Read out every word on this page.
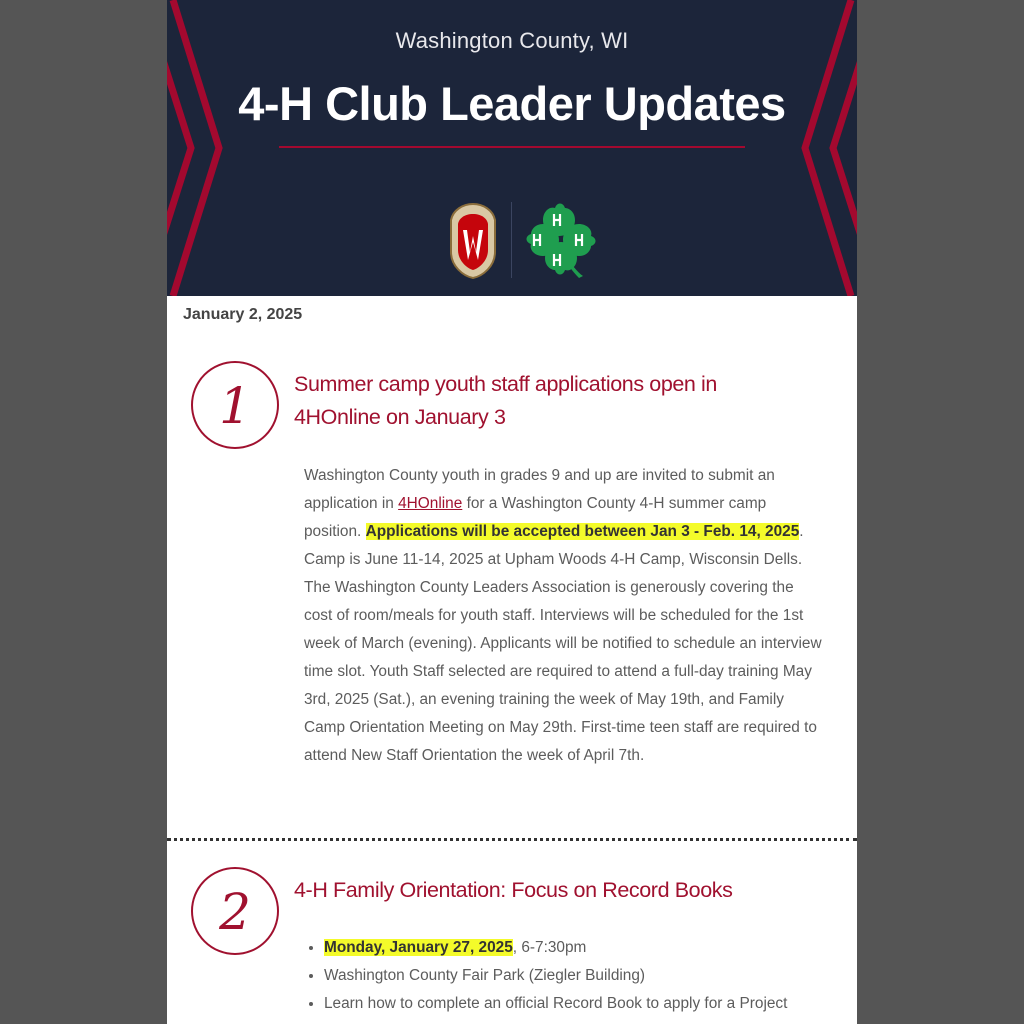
Washington County, WI
4-H Club Leader Updates
January 2, 2025
1 Summer camp youth staff applications open in 4HOnline on January 3
Washington County youth in grades 9 and up are invited to submit an application in 4HOnline for a Washington County 4-H summer camp position. Applications will be accepted between Jan 3 - Feb. 14, 2025. Camp is June 11-14, 2025 at Upham Woods 4-H Camp, Wisconsin Dells. The Washington County Leaders Association is generously covering the cost of room/meals for youth staff. Interviews will be scheduled for the 1st week of March (evening). Applicants will be notified to schedule an interview time slot. Youth Staff selected are required to attend a full-day training May 3rd, 2025 (Sat.), an evening training the week of May 19th, and Family Camp Orientation Meeting on May 29th. First-time teen staff are required to attend New Staff Orientation the week of April 7th.
2 4-H Family Orientation: Focus on Record Books
• Monday, January 27, 2025, 6-7:30pm
• Washington County Fair Park (Ziegler Building)
• Learn how to complete an official Record Book to apply for a Project
